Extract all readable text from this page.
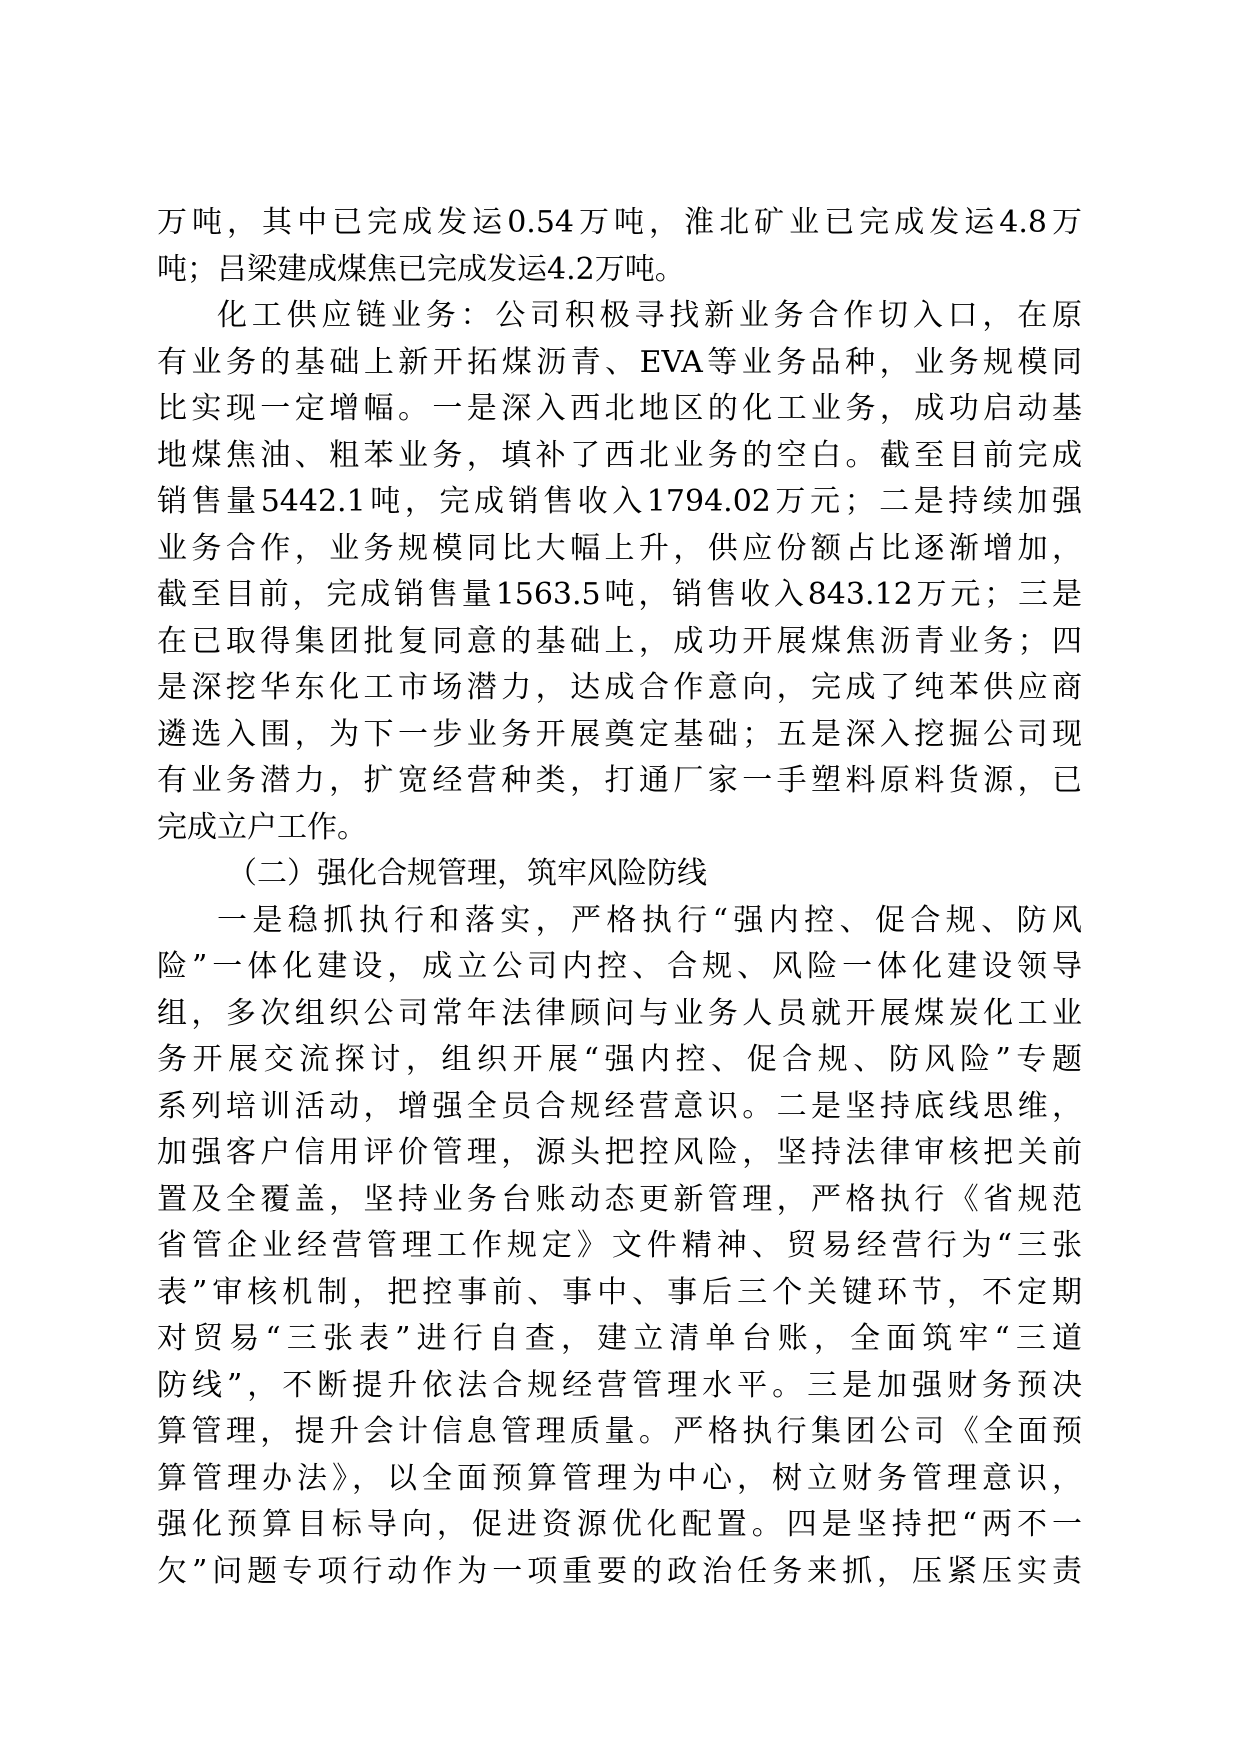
万吨，其中已完成发运0.54万吨，淮北矿业已完成发运4.8万
吨；吕梁建成煤焦已完成发运4.2万吨。
化工供应链业务：公司积极寻找新业务合作切入口，在原
有业务的基础上新开拓煤沥青、EVA等业务品种，业务规模同
比实现一定增幅。一是深入西北地区的化工业务，成功启动基
地煤焦油、粗苯业务，填补了西北业务的空白。截至目前完成
销售量5442.1吨，完成销售收入1794.02万元；二是持续加强
业务合作，业务规模同比大幅上升，供应份额占比逐渐增加，
截至目前，完成销售量1563.5吨，销售收入843.12万元；三是
在已取得集团批复同意的基础上，成功开展煤焦沥青业务；四
是深挖华东化工市场潜力，达成合作意向，完成了纯苯供应商
遴选入围，为下一步业务开展奠定基础；五是深入挖掘公司现
有业务潜力，扩宽经营种类，打通厂家一手塑料原料货源，已
完成立户工作。
（二）强化合规管理，筑牢风险防线
一是稳抓执行和落实，严格执行“强内控、促合规、防风
险”一体化建设，成立公司内控、合规、风险一体化建设领导
组，多次组织公司常年法律顾问与业务人员就开展煤炭化工业
务开展交流探讨，组织开展“强内控、促合规、防风险”专题
系列培训活动，增强全员合规经营意识。二是坚持底线思维，
加强客户信用评价管理，源头把控风险，坚持法律审核把关前
置及全覆盖，坚持业务台账动态更新管理，严格执行《省规范
省管企业经营管理工作规定》文件精神、贸易经营行为“三张
表”审核机制，把控事前、事中、事后三个关键环节，不定期
对贸易“三张表”进行自查，建立清单台账，全面筑牢“三道
防线”，不断提升依法合规经营管理水平。三是加强财务预决
算管理，提升会计信息管理质量。严格执行集团公司《全面预
算管理办法》，以全面预算管理为中心，树立财务管理意识，
强化预算目标导向，促进资源优化配置。四是坚持把“两不一
欠”问题专项行动作为一项重要的政治任务来抓，压紧压实责
